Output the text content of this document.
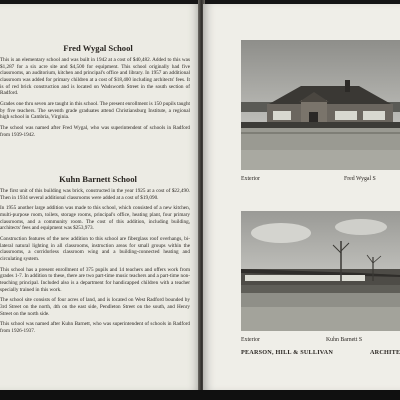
Fred Wygal School

This is an elementary school and was built in 1942 at a cost of $40,482. Added to this was $1,287 for a six acre site and $4,500 for equipment. This school originally had five classrooms, an auditorium, kitchen and principal's office and library. In 1957 an additional classroom was added for primary children at a cost of $18,400 including architects' fees. It is of red brick construction and is located on Wadsworth Street in the south section of Radford.

Grades one thru seven are taught in this school. The present enrollment is 150 pupils taught by five teachers. The seventh grade graduates attend Christiansburg Institute, a regional high school in Cambria, Virginia.

The school was named after Fred Wygal, who was superintendent of schools in Radford from 1939-1942.

Kuhn Barnett School

The first unit of this building was brick, constructed in the year 1925 at a cost of $22,490. Then in 1934 several additional classrooms were added at a cost of $19,090.

In 1955 another large addition was made to this school, which consisted of a new kitchen, multi-purpose room, toilets, storage rooms, principal's office, heating plant, four primary classrooms, and a community room. The cost of this addition, including building, architects' fees and equipment was $253,973.

Construction features of the new addition to this school are fiberglass roof overhangs, bi-lateral natural lighting in all classrooms, instruction areas for small groups within the classrooms, a corridorless classroom wing and a building-connected heating and circulating system.

This school has a present enrollment of 375 pupils and 14 teachers and offers work from grades 1-7. In addition to these, there are two part-time music teachers and a part-time non-teaching principal. Included also is a department for handicapped children with a teacher specially trained in this work.

The school site consists of four acres of land, and is located on West Radford bounded by 3rd Street on the north, 4th on the east side, Pendleton Street on the south, and Henry Street on the north side.

This school was named after Kuhn Barnett, who was superintendent of schools in Radford from 1926-1937.

Exterior	Fred Wygal S
Exterior	Kuhn Barnett S
PEARSON, HILL & SULLIVAN	ARCHITE
